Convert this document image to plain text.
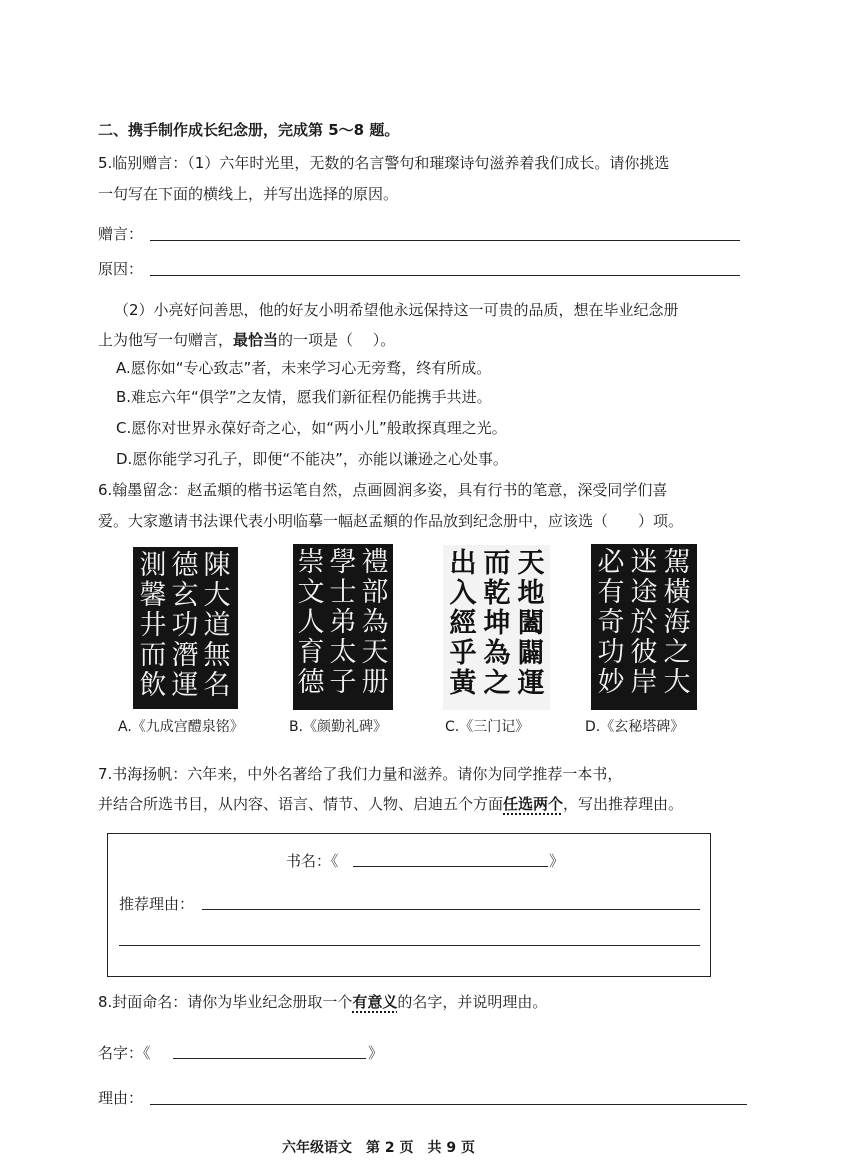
二、携手制作成长纪念册，完成第 5～8 题。
5.临别赠言：（1）六年时光里，无数的名言警句和璀璨诗句滋养着我们成长。请你挑选
一句写在下面的横线上，并写出选择的原因。
赠言：
原因：
（2）小亮好问善思，他的好友小明希望他永远保持这一可贵的品质，想在毕业纪念册
上为他写一句赠言，最恰当的一项是（　 ）。
A.愿你如“专心致志”者，未来学习心无旁骛，终有所成。
B.难忘六年“俱学”之友情，愿我们新征程仍能携手共进。
C.愿你对世界永葆好奇之心，如“两小儿”般敢探真理之光。
D.愿你能学习孔子，即便“不能决”，亦能以谦逊之心处事。
6.翰墨留念：赵孟頫的楷书运笔自然，点画圆润多姿，具有行书的笔意，深受同学们喜
爱。大家邀请书法课代表小明临摹一幅赵孟頫的作品放到纪念册中，应该选（　　）项。
陳
大
道
無
名
德
玄
功
潛
運
測
馨
井
而
飲
A.《九成宫醴泉铭》
禮
部
為
天
册
學
士
弟
太
子
崇
文
人
育
德
B.《颜勤礼碑》
天
地
闔
闢
運
而
乾
坤
為
之
出
入
經
乎
黃
C.《三门记》
駕
橫
海
之
大
迷
途
於
彼
岸
必
有
奇
功
妙
D.《玄秘塔碑》
7.书海扬帆：六年来，中外名著给了我们力量和滋养。请你为同学推荐一本书，
并结合所选书目，从内容、语言、情节、人物、启迪五个方面任选两个，写出推荐理由。
书名：《	》
推荐理由：
8.封面命名：请你为毕业纪念册取一个有意义的名字，并说明理由。
名字：《	》
理由：
六年级语文　第 2 页　共 9 页
